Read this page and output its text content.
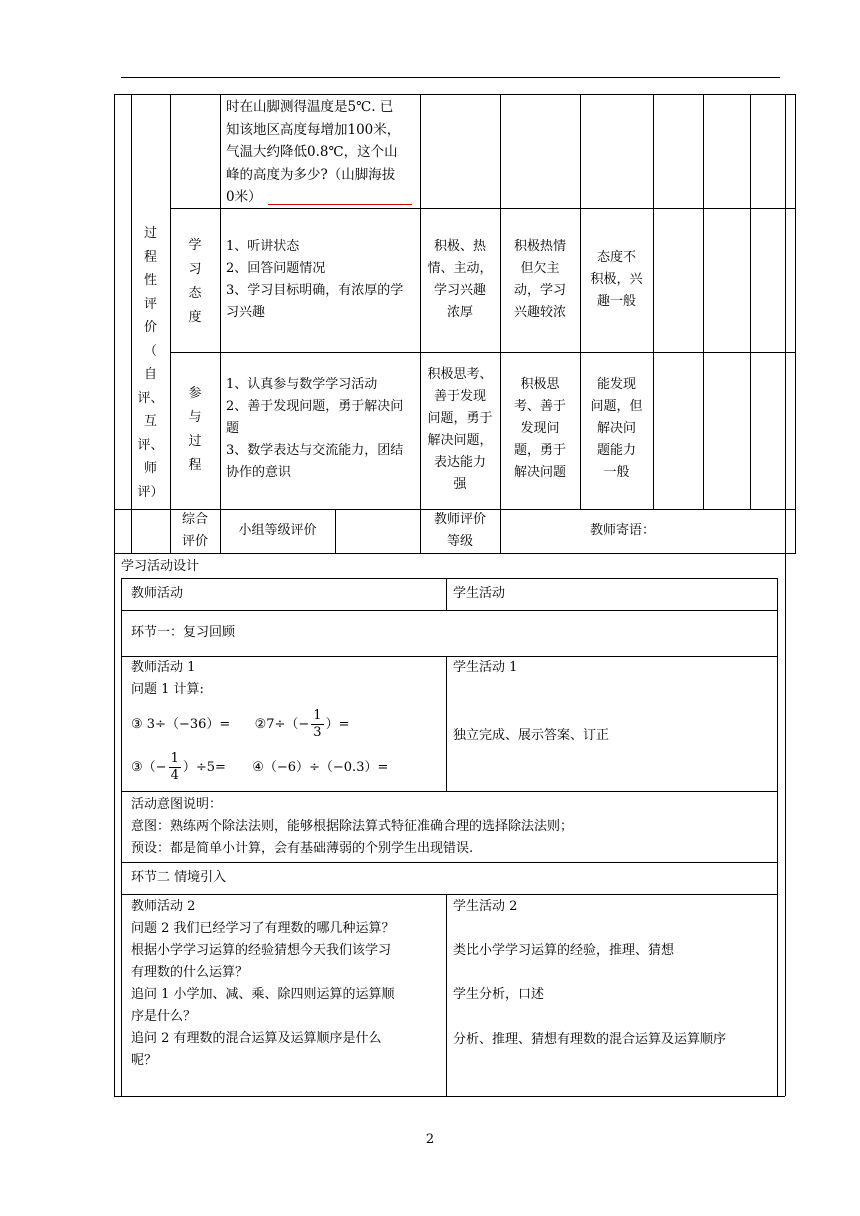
时在山脚测得温度是5℃. 已
知该地区高度每增加100米，
气温大约降低0.8℃，这个山
峰的高度为多少?（山脚海拔
0米）
过
程
性
评
价
（
自
评、
互
评、
师
评）
学
习
态
度
1、听讲状态
2、回答问题情况
3、学习目标明确，有浓厚的学
习兴趣
积极、热
情、主动，
学习兴趣
浓厚
积极热情
但欠主
动，学习
兴趣较浓
态度不
积极，兴
趣一般
参
与
过
程
1、认真参与数学学习活动
2、善于发现问题，勇于解决问
题
3、数学表达与交流能力，团结
协作的意识
积极思考、
善于发现
问题，勇于
解决问题，
表达能力
强
积极思
考、善于
发现问
题，勇于
解决问题
能发现
问题，但
解决问
题能力
一般
综合
评价
小组等级评价
教师评价
等级
教师寄语：
学习活动设计
教师活动	学生活动
环节一：复习回顾
教师活动 1
问题 1 计算:
③ 3÷（−36）= ②7÷（− $\frac{1}{3}$ ）=
③（− $\frac{1}{4} )\div 5=$ ④（−6）÷（−0.3）=
学生活动 1
独立完成、展示答案、订正
活动意图说明：
意图：熟练两个除法法则，能够根据除法算式特征准确合理的选择除法法则；
预设：都是简单小计算，会有基础薄弱的个别学生出现错误.
环节二 情境引入
教师活动 2
问题 2 我们已经学习了有理数的哪几种运算？
根据小学学习运算的经验猜想今天我们该学习
有理数的什么运算？
追问 1 小学加、减、乘、除四则运算的运算顺
序是什么？
追问 2 有理数的混合运算及运算顺序是什么
呢？
学生活动 2
类比小学学习运算的经验，推理、猜想
学生分析，口述
分析、推理、猜想有理数的混合运算及运算顺序
2
